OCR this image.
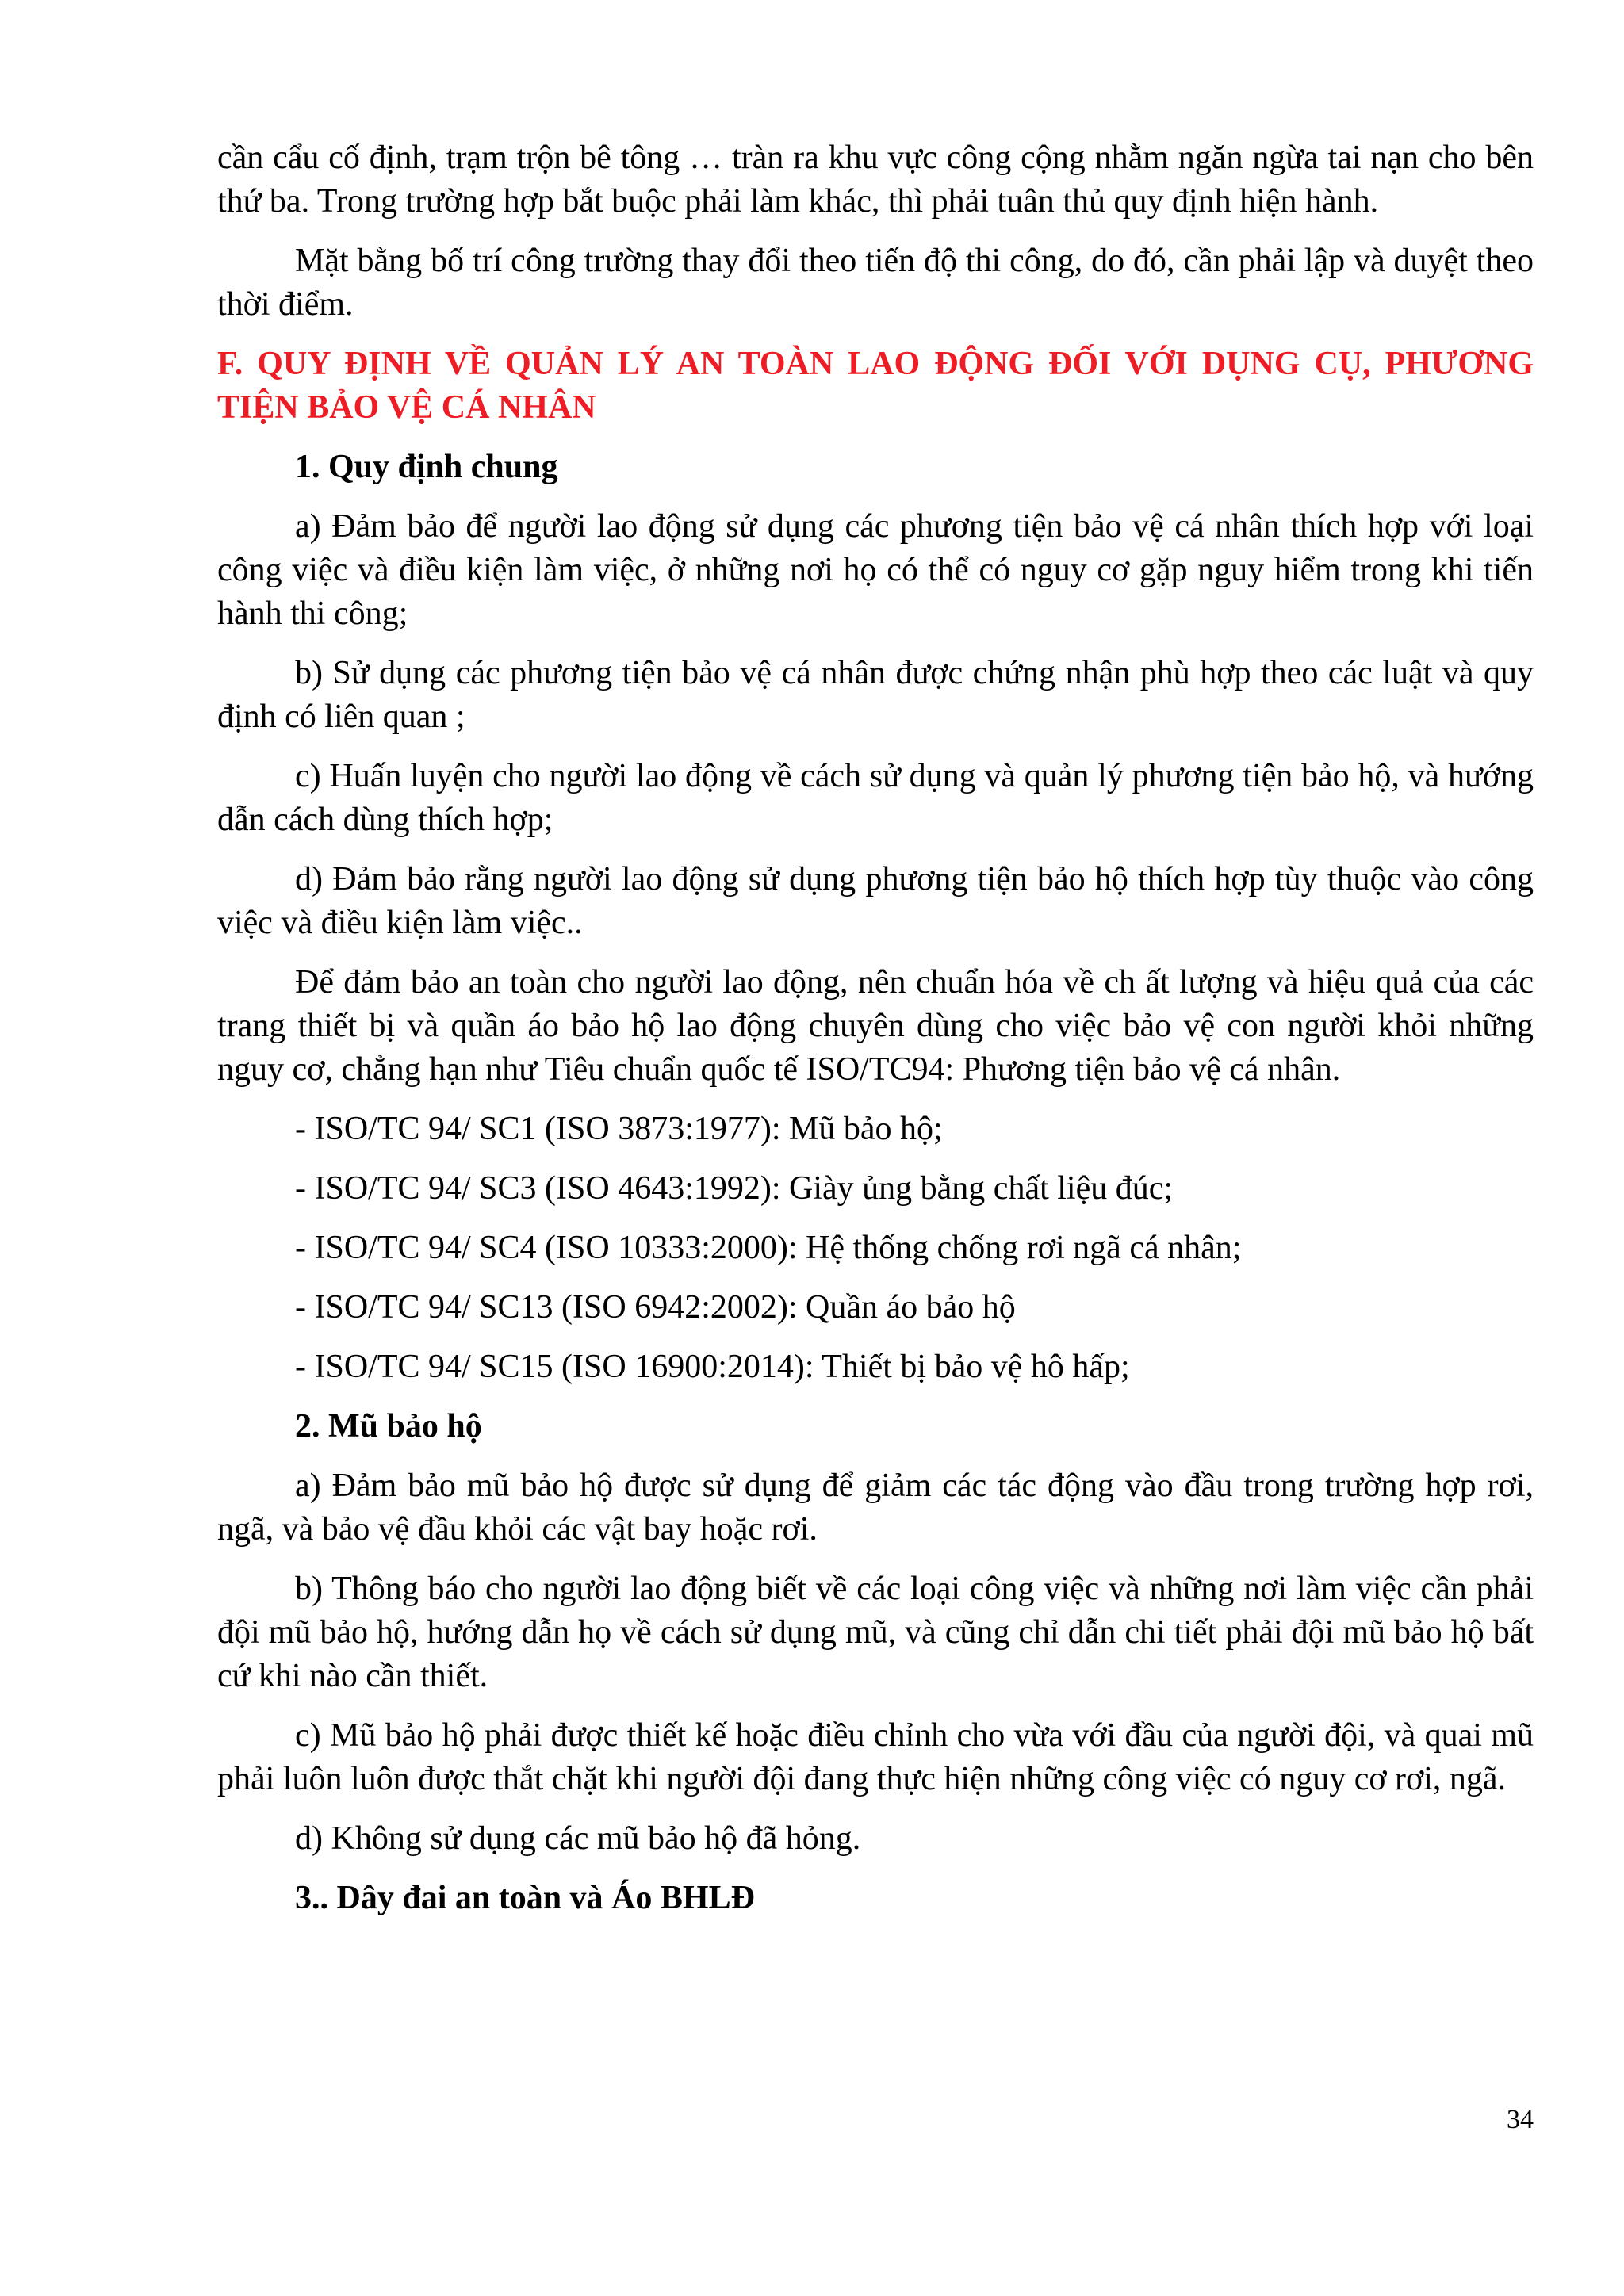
cần cẩu cố định, trạm trộn bê tông … tràn ra khu vực công cộng nhằm ngăn ngừa tai nạn cho bên thứ ba. Trong trường hợp bắt buộc phải làm khác, thì phải tuân thủ quy định hiện hành.

Mặt bằng bố trí công trường thay đổi theo tiến độ thi công, do đó, cần phải lập và duyệt theo thời điểm.

F. QUY ĐỊNH VỀ QUẢN LÝ AN TOÀN LAO ĐỘNG ĐỐI VỚI DỤNG CỤ, PHƯƠNG TIỆN BẢO VỆ CÁ NHÂN

1. Quy định chung

a) Đảm bảo để người lao động sử dụng các phương tiện bảo vệ cá nhân thích hợp với loại công việc và điều kiện làm việc, ở những nơi họ có thể có nguy cơ gặp nguy hiểm trong khi tiến hành thi công;

b) Sử dụng các phương tiện bảo vệ cá nhân được chứng nhận phù hợp theo các luật và quy định có liên quan ;

c) Huấn luyện cho người lao động về cách sử dụng và quản lý phương tiện bảo hộ, và hướng dẫn cách dùng thích hợp;

d) Đảm bảo rằng người lao động sử dụng phương tiện bảo hộ thích hợp tùy thuộc vào công việc và điều kiện làm việc..

Để đảm bảo an toàn cho người lao động, nên chuẩn hóa về ch ất lượng và hiệu quả của các trang thiết bị và quần áo bảo hộ lao động chuyên dùng cho việc bảo vệ con người khỏi những nguy cơ, chẳng hạn như Tiêu chuẩn quốc tế ISO/TC94: Phương tiện bảo vệ cá nhân.

- ISO/TC 94/ SC1 (ISO 3873:1977): Mũ bảo hộ;

- ISO/TC 94/ SC3 (ISO 4643:1992): Giày ủng bằng chất liệu đúc;

- ISO/TC 94/ SC4 (ISO 10333:2000): Hệ thống chống rơi ngã cá nhân;

- ISO/TC 94/ SC13 (ISO 6942:2002): Quần áo bảo hộ

- ISO/TC 94/ SC15 (ISO 16900:2014): Thiết bị bảo vệ hô hấp;

2. Mũ bảo hộ

a) Đảm bảo mũ bảo hộ được sử dụng để giảm các tác động vào đầu trong trường hợp rơi, ngã, và bảo vệ đầu khỏi các vật bay hoặc rơi.

b) Thông báo cho người lao động biết về các loại công việc và những nơi làm việc cần phải đội mũ bảo hộ, hướng dẫn họ về cách sử dụng mũ, và cũng chỉ dẫn chi tiết phải đội mũ bảo hộ bất cứ khi nào cần thiết.

c) Mũ bảo hộ phải được thiết kế hoặc điều chỉnh cho vừa với đầu của người đội, và quai mũ phải luôn luôn được thắt chặt khi người đội đang thực hiện những công việc có nguy cơ rơi, ngã.

d) Không sử dụng các mũ bảo hộ đã hỏng.

3.. Dây đai an toàn và Áo BHLĐ

34
